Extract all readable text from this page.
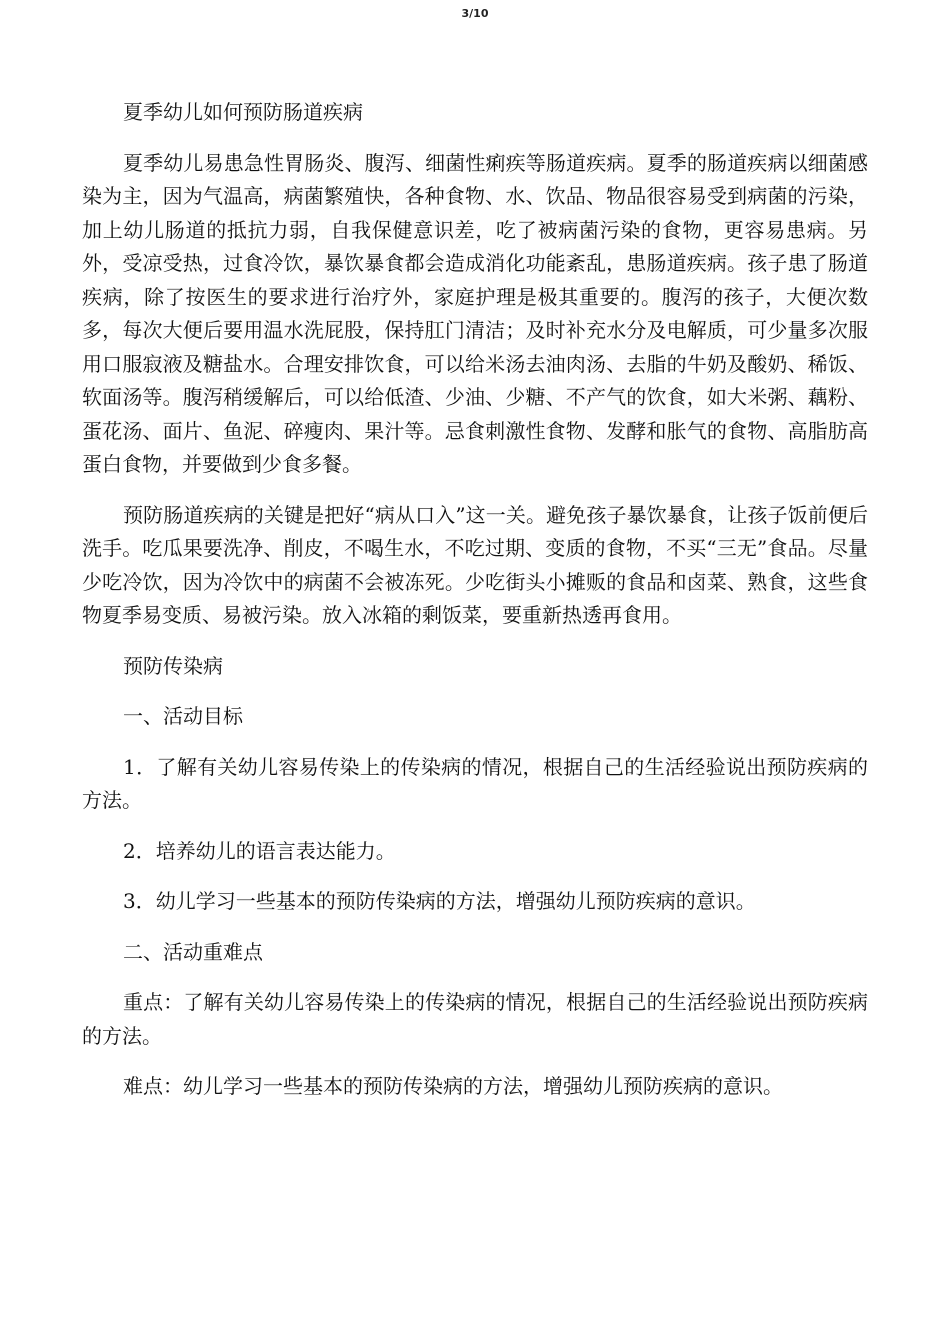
3/10

夏季幼儿如何预防肠道疾病

夏季幼儿易患急性胃肠炎、腹泻、细菌性痢疾等肠道疾病。夏季的肠道疾病以细菌感染为主，因为气温高，病菌繁殖快，各种食物、水、饮品、物品很容易受到病菌的污染，加上幼儿肠道的抵抗力弱，自我保健意识差，吃了被病菌污染的食物，更容易患病。另外，受凉受热，过食冷饮，暴饮暴食都会造成消化功能紊乱，患肠道疾病。孩子患了肠道疾病，除了按医生的要求进行治疗外，家庭护理是极其重要的。腹泻的孩子，大便次数多，每次大便后要用温水洗屁股，保持肛门清洁；及时补充水分及电解质，可少量多次服用口服寂液及糖盐水。合理安排饮食，可以给米汤去油肉汤、去脂的牛奶及酸奶、稀饭、软面汤等。腹泻稍缓解后，可以给低渣、少油、少糖、不产气的饮食，如大米粥、藕粉、蛋花汤、面片、鱼泥、碎瘦肉、果汁等。忌食刺激性食物、发酵和胀气的食物、高脂肪高蛋白食物，并要做到少食多餐。

预防肠道疾病的关键是把好“病从口入”这一关。避免孩子暴饮暴食，让孩子饭前便后洗手。吃瓜果要洗净、削皮，不喝生水，不吃过期、变质的食物，不买“三无”食品。尽量少吃冷饮，因为冷饮中的病菌不会被冻死。少吃街头小摊贩的食品和卤菜、熟食，这些食物夏季易变质、易被污染。放入冰箱的剩饭菜，要重新热透再食用。

预防传染病

一、活动目标

1．了解有关幼儿容易传染上的传染病的情况，根据自己的生活经验说出预防疾病的方法。

2．培养幼儿的语言表达能力。

3．幼儿学习一些基本的预防传染病的方法，增强幼儿预防疾病的意识。

二、活动重难点

重点：了解有关幼儿容易传染上的传染病的情况，根据自己的生活经验说出预防疾病的方法。

难点：幼儿学习一些基本的预防传染病的方法，增强幼儿预防疾病的意识。
